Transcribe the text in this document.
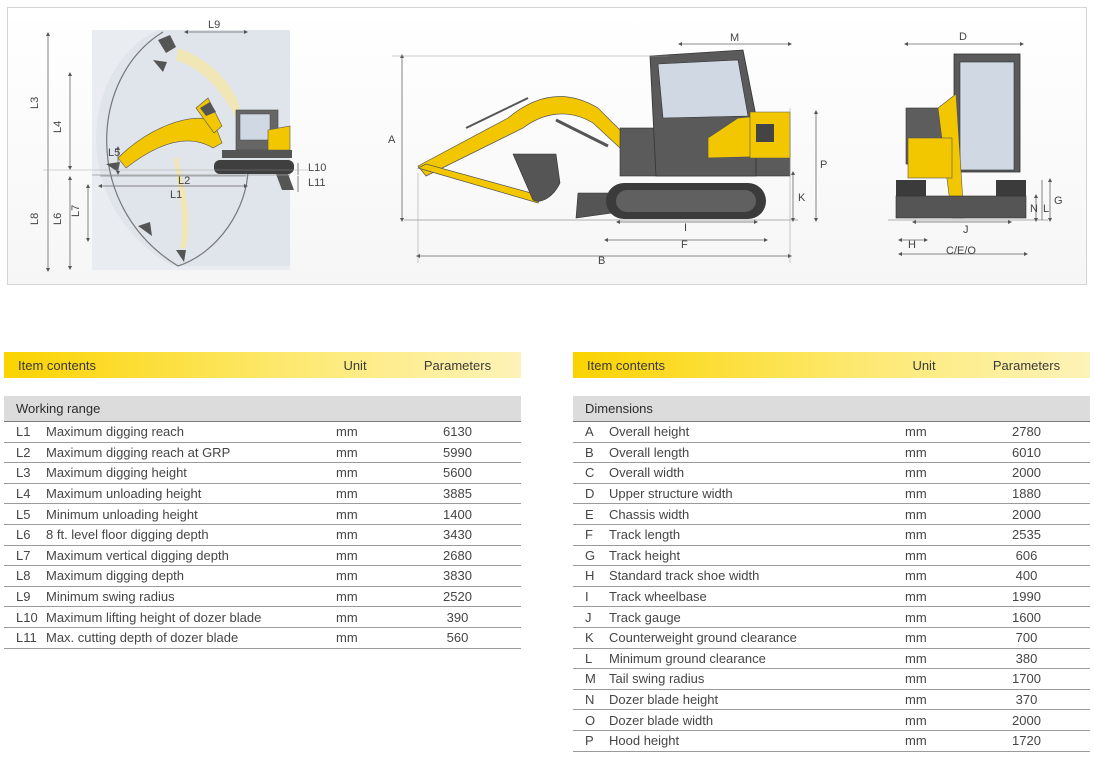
L9
L3
L4
L5
L2
L1
L10
L11
L8 L6
L7
M
A
P
K
I
F
B
D
G
N L
J
H	C/E/O
Item contents	Unit	Parameters
Working range
L1	Maximum digging reach	mm	6130
L2	Maximum digging reach at GRP	mm	5990
L3	Maximum digging height	mm	5600
L4	Maximum unloading height	mm	3885
L5	Minimum unloading height	mm	1400
L6	8 ft. level floor digging depth	mm	3430
L7	Maximum vertical digging depth	mm	2680
L8	Maximum digging depth	mm	3830
L9	Minimum swing radius	mm	2520
L10 Maximum lifting height of dozer blade	mm	390
L11 Max. cutting depth of dozer blade	mm	560
Item contents	Unit	Parameters
Dimensions
A	Overall height	mm	2780
B	Overall length	mm	6010
C	Overall width	mm	2000
D	Upper structure width	mm	1880
E	Chassis width	mm	2000
F	Track length	mm	2535
G	Track height	mm	606
H	Standard track shoe width	mm	400
I	Track wheelbase	mm	1990
J	Track gauge	mm	1600
K	Counterweight ground clearance	mm	700
L	Minimum ground clearance	mm	380
M	Tail swing radius	mm	1700
N	Dozer blade height	mm	370
O	Dozer blade width	mm	2000
P	Hood height	mm	1720
